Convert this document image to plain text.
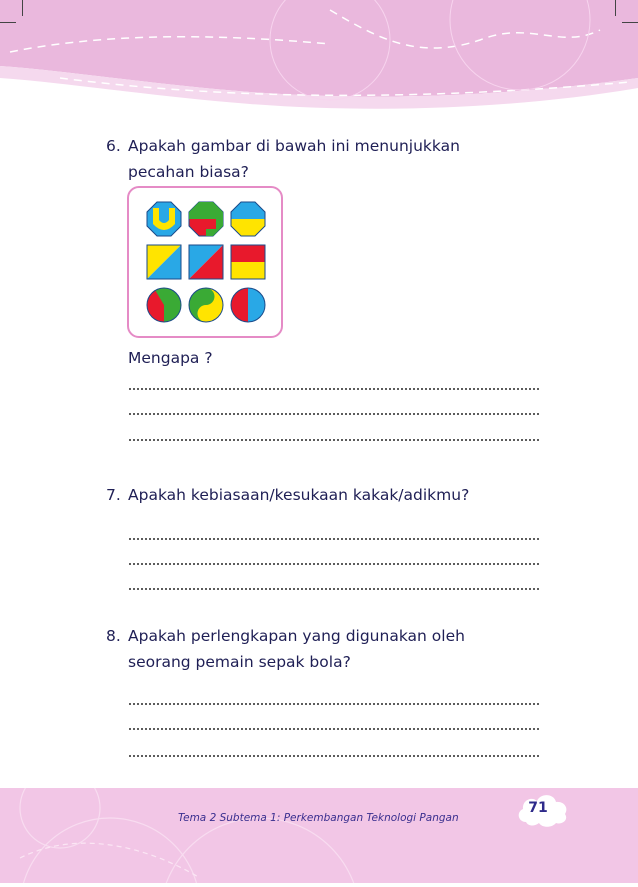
6. Apakah gambar di bawah ini menunjukkan
pecahan biasa?
Mengapa ?
7. Apakah kebiasaan/kesukaan kakak/adikmu?
8. Apakah perlengkapan yang digunakan oleh
seorang pemain sepak bola?
Tema 2 Subtema 1: Perkembangan Teknologi Pangan
71
